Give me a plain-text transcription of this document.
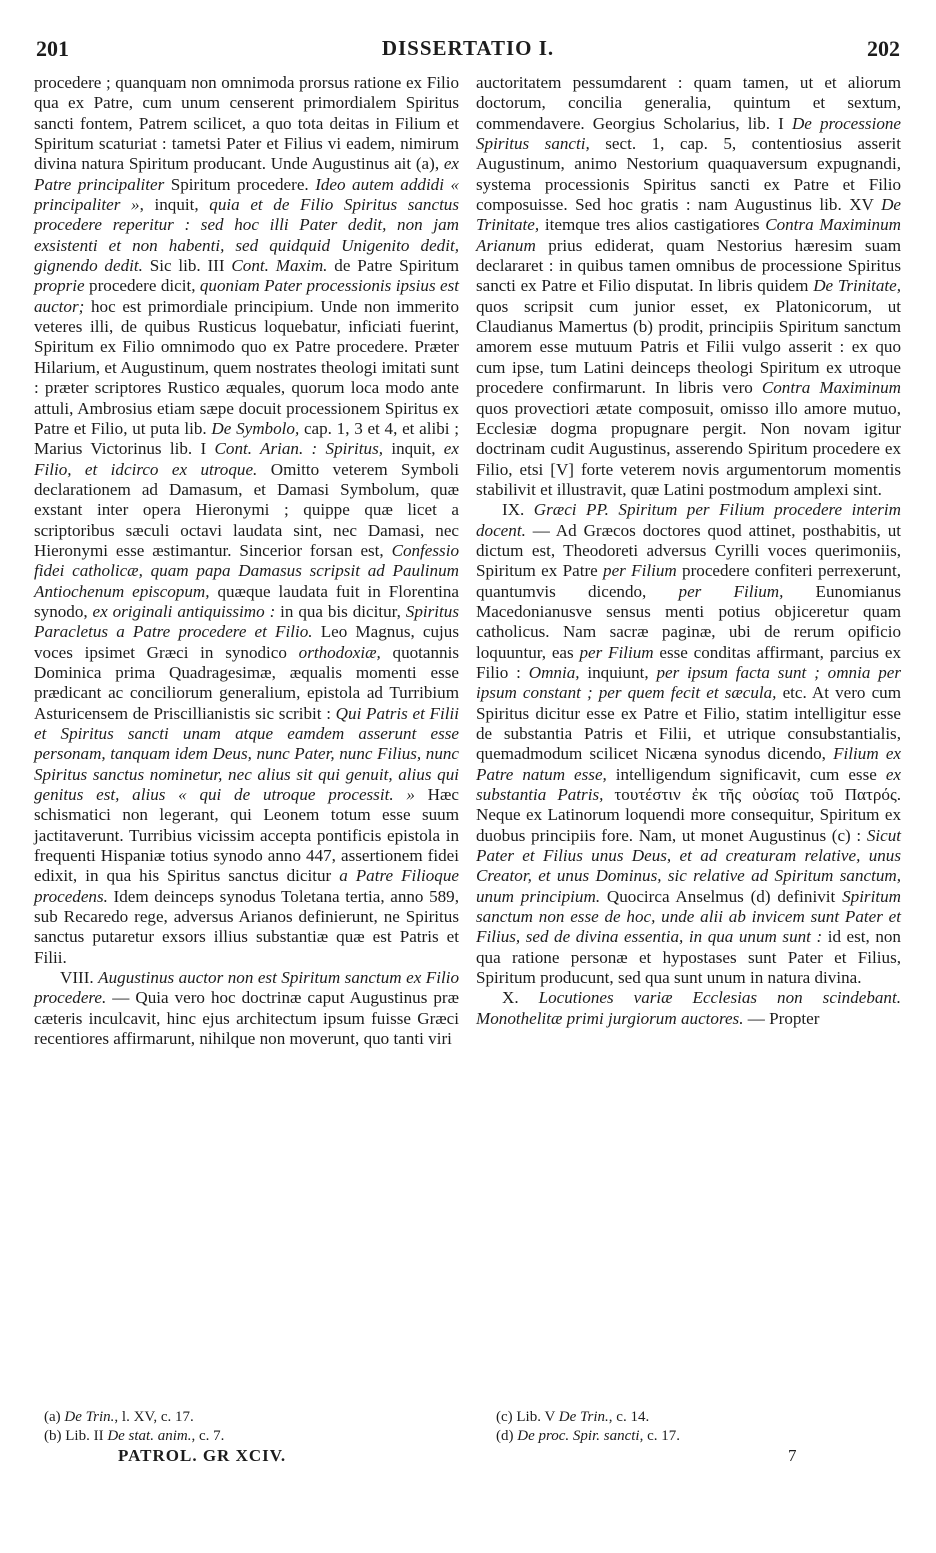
201	DISSERTATIO I.	202

procedere ; quanquam non omnimoda prorsus ratione ex Filio qua ex Patre, cum unum censerent primordialem Spiritus sancti fontem, Patrem scilicet, a quo tota deitas in Filium et Spiritum scaturiat : tametsi Pater et Filius vi eadem, nimirum divina natura Spiritum producant. Unde Augustinus ait (a), ex Patre principaliter Spiritum procedere. Ideo autem addidi « principaliter », inquit, quia et de Filio Spiritus sanctus procedere reperitur : sed hoc illi Pater dedit, non jam exsistenti et non habenti, sed quidquid Unigenito dedit, gignendo dedit. Sic lib. III Cont. Maxim. de Patre Spiritum proprie procedere dicit, quoniam Pater processionis ipsius est auctor; hoc est primordiale principium. Unde non immerito veteres illi, de quibus Rusticus loquebatur, inficiati fuerint, Spiritum ex Filio omnimodo quo ex Patre procedere. Præter Hilarium, et Augustinum, quem nostrates theologi imitati sunt : præter scriptores Rustico æquales, quorum loca modo ante attuli, Ambrosius etiam sæpe docuit processionem Spiritus ex Patre et Filio, ut puta lib. De Symbolo, cap. 1, 3 et 4, et alibi ; Marius Victorinus lib. I Cont. Arian. : Spiritus, inquit, ex Filio, et idcirco ex utroque. Omitto veterem Symboli declarationem ad Damasum, et Damasi Symbolum, quæ exstant inter opera Hieronymi ; quippe quæ licet a scriptoribus sæculi octavi laudata sint, nec Damasi, nec Hieronymi esse æstimantur. Sincerior forsan est, Confessio fidei catholicæ, quam papa Damasus scripsit ad Paulinum Antiochenum episcopum, quæque laudata fuit in Florentina synodo, ex originali antiquissimo : in qua bis dicitur, Spiritus Paracletus a Patre procedere et Filio. Leo Magnus, cujus voces ipsimet Græci in synodico orthodoxiæ, quotannis Dominica prima Quadragesimæ, æqualis momenti esse prædicant ac conciliorum generalium, epistola ad Turribium Asturicensem de Priscillianistis sic scribit : Qui Patris et Filii et Spiritus sancti unam atque eamdem asserunt esse personam, tanquam idem Deus, nunc Pater, nunc Filius, nunc Spiritus sanctus nominetur, nec alius sit qui genuit, alius qui genitus est, alius « qui de utroque processit. » Hæc schismatici non legerant, qui Leonem totum esse suum jactitaverunt. Turribius vicissim accepta pontificis epistola in frequenti Hispaniæ totius synodo anno 447, assertionem fidei edixit, in qua his Spiritus sanctus dicitur a Patre Filioque procedens. Idem deinceps synodus Toletana tertia, anno 589, sub Recaredo rege, adversus Arianos definierunt, ne Spiritus sanctus putaretur exsors illius substantiæ quæ est Patris et Filii.

VIII. Augustinus auctor non est Spiritum sanctum ex Filio procedere. — Quia vero hoc doctrinæ caput Augustinus præ cæteris inculcavit, hinc ejus architectum ipsum fuisse Græci recentiores affirmarunt, nihilque non moverunt, quo tanti viri

auctoritatem pessumdarent : quam tamen, ut et aliorum doctorum, concilia generalia, quintum et sextum, commendavere. Georgius Scholarius, lib. I De processione Spiritus sancti, sect. 1, cap. 5, contentiosius asserit Augustinum, animo Nestorium quaquaversum expugnandi, systema processionis Spiritus sancti ex Patre et Filio composuisse. Sed hoc gratis : nam Augustinus lib. XV De Trinitate, itemque tres alios castigatiores Contra Maximinum Arianum prius ediderat, quam Nestorius hæresim suam declararet : in quibus tamen omnibus de processione Spiritus sancti ex Patre et Filio disputat. In libris quidem De Trinitate, quos scripsit cum junior esset, ex Platonicorum, ut Claudianus Mamertus (b) prodit, principiis Spiritum sanctum amorem esse mutuum Patris et Filii vulgo asserit : ex quo cum ipse, tum Latini deinceps theologi Spiritum ex utroque procedere confirmarunt. In libris vero Contra Maximinum quos provectiori ætate composuit, omisso illo amore mutuo, Ecclesiæ dogma propugnare pergit. Non novam igitur doctrinam cudit Augustinus, asserendo Spiritum procedere ex Filio, etsi [V] forte veterem novis argumentorum momentis stabilivit et illustravit, quæ Latini postmodum amplexi sint.

IX. Græci PP. Spiritum per Filium procedere interim docent. — Ad Græcos doctores quod attinet, posthabitis, ut dictum est, Theodoreti adversus Cyrilli voces querimoniis, Spiritum ex Patre per Filium procedere confiteri perrexerunt, quantumvis dicendo, per Filium, Eunomianus Macedonianusve sensus menti potius objiceretur quam catholicus. Nam sacræ paginæ, ubi de rerum opificio loquuntur, eas per Filium esse conditas affirmant, parcius ex Filio : Omnia, inquiunt, per ipsum facta sunt ; omnia per ipsum constant ; per quem fecit et sæcula, etc. At vero cum Spiritus dicitur esse ex Patre et Filio, statim intelligitur esse de substantia Patris et Filii, et utrique consubstantialis, quemadmodum scilicet Nicæna synodus dicendo, Filium ex Patre natum esse, intelligendum significavit, cum esse ex substantia Patris, τουτέστιν ἐκ τῆς οὐσίας τοῦ Πατρός. Neque ex Latinorum loquendi more consequitur, Spiritum ex duobus principiis fore. Nam, ut monet Augustinus (c) : Sicut Pater et Filius unus Deus, et ad creaturam relative, unus Creator, et unus Dominus, sic relative ad Spiritum sanctum, unum principium. Quocirca Anselmus (d) definivit Spiritum sanctum non esse de hoc, unde alii ab invicem sunt Pater et Filius, sed de divina essentia, in qua unum sunt : id est, non qua ratione personæ et hypostases sunt Pater et Filius, Spiritum producunt, sed qua sunt unum in natura divina.

X. Locutiones variæ Ecclesias non scindebant. Monothelitæ primi jurgiorum auctores. — Propter

(a) De Trin., l. XV, c. 17.
(b) Lib. II De stat. anim., c. 7.
(c) Lib. V De Trin., c. 14.
(d) De proc. Spir. sancti, c. 17.
PATROL. GR XCIV.	7
